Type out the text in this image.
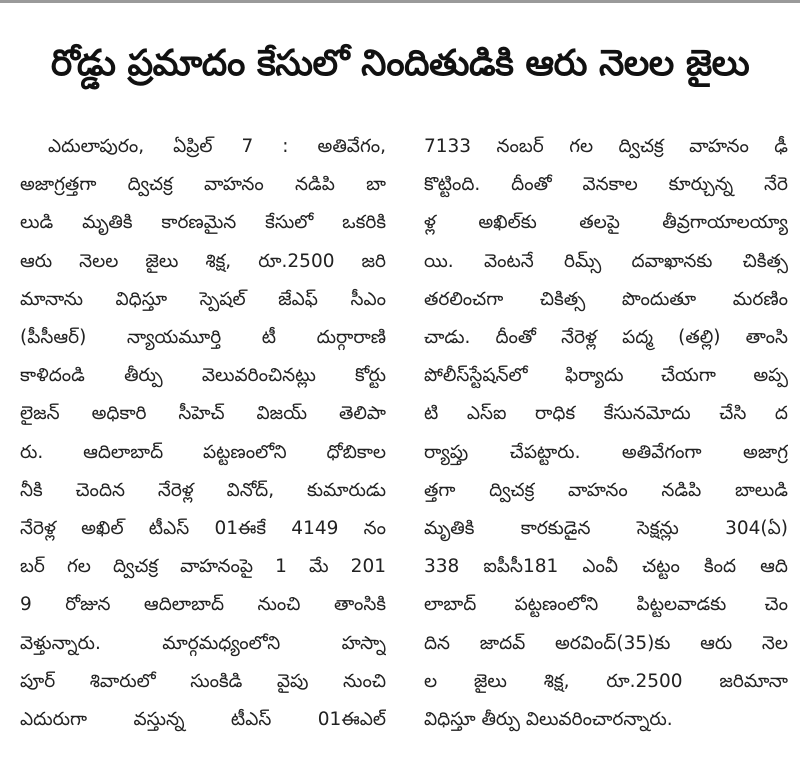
రోడ్డు ప్రమాదం కేసులో నిందితుడికి ఆరు నెలల జైలు
ఎదులాపురం, ఏప్రిల్ 7 : అతివేగం,
అజాగ్రత్తగా ద్విచక్ర వాహనం నడిపి బా
లుడి మృతికి కారణమైన కేసులో ఒకరికి
ఆరు నెలల జైలు శిక్ష, రూ.2500 జరి
మానాను విధిస్తూ స్పెషల్ జేఎఫ్ సీఎం
(పీసీఆర్) న్యాయమూర్తి టీ దుర్గారాణి
కాళిదండి తీర్పు వెలువరించినట్లు కోర్టు
లైజన్ అధికారి సీహెచ్ విజయ్ తెలిపా
రు. ఆదిలాబాద్ పట్టణంలోని ధోబికాల
నీకి చెందిన నేరెళ్ల వినోద్, కుమారుడు
నేరెళ్ల అఖిల్ టీఎస్ 01ఈకే 4149 నం
బర్ గల ద్విచక్ర వాహనంపై 1 మే 201
9 రోజున ఆదిలాబాద్ నుంచి తాంసికి
వెళ్తున్నారు. మార్గమధ్యంలోని హస్నా
పూర్ శివారులో సుంకిడి వైపు నుంచి
ఎదురుగా వస్తున్న టీఎస్ 01ఈఎల్
7133 నంబర్ గల ద్విచక్ర వాహనం ఢీ
కొట్టింది. దీంతో వెనకాల కూర్చున్న నేరె
ళ్ల అఖిల్‌కు తలపై తీవ్రగాయాలయ్యా
యి. వెంటనే రిమ్స్ దవాఖానకు చికిత్స
తరలించగా చికిత్స పొందుతూ మరణిం
చాడు. దీంతో నేరెళ్ల పద్మ (తల్లి) తాంసి
పోలీస్‌స్టేషన్‌లో ఫిర్యాదు చేయగా అప్ప
టి ఎస్ఐ రాధిక కేసునమోదు చేసి ద
ర్యాప్తు చేపట్టారు. అతివేగంగా అజాగ్ర
త్తగా ద్విచక్ర వాహనం నడిపి బాలుడి
మృతికి కారకుడైన సెక్షన్లు 304(ఏ)
338 ఐపీసీ181 ఎంవీ చట్టం కింద ఆది
లాబాద్ పట్టణంలోని పిట్టలవాడకు చెం
దిన జాదవ్ అరవింద్(35)కు ఆరు నెల
ల జైలు శిక్ష, రూ.2500 జరిమానా
విధిస్తూ తీర్పు విలువరించారన్నారు.
